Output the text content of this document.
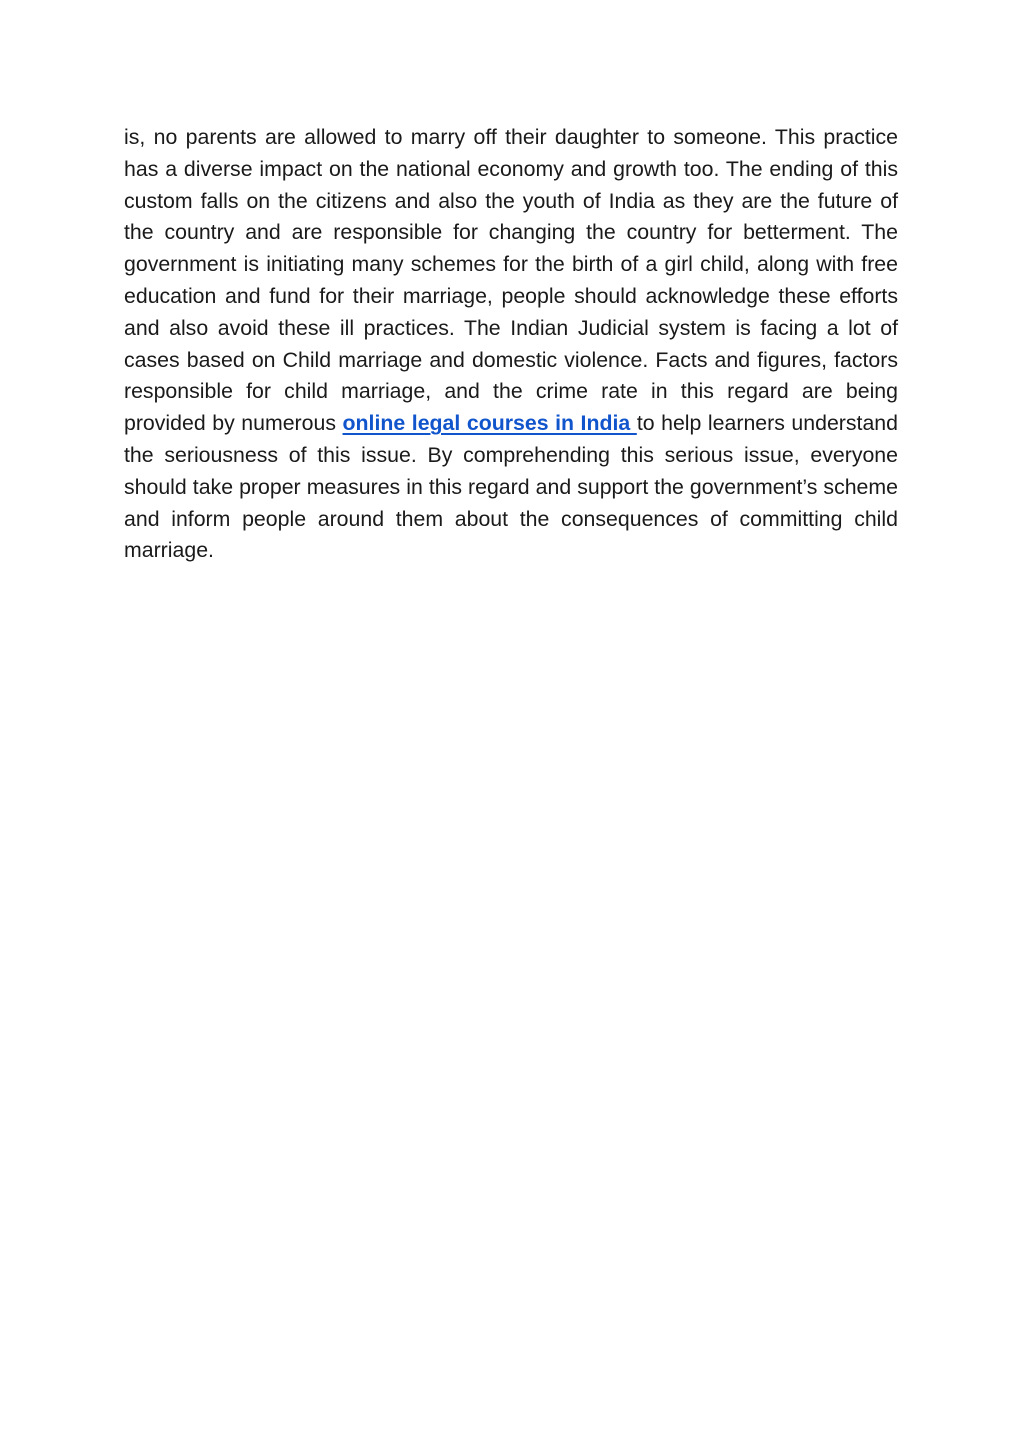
is, no parents are allowed to marry off their daughter to someone. This practice has a diverse impact on the national economy and growth too. The ending of this custom falls on the citizens and also the youth of India as they are the future of the country and are responsible for changing the country for betterment. The government is initiating many schemes for the birth of a girl child, along with free education and fund for their marriage, people should acknowledge these efforts and also avoid these ill practices. The Indian Judicial system is facing a lot of cases based on Child marriage and domestic violence. Facts and figures, factors responsible for child marriage, and the crime rate in this regard are being provided by numerous online legal courses in India to help learners understand the seriousness of this issue. By comprehending this serious issue, everyone should take proper measures in this regard and support the government’s scheme and inform people around them about the consequences of committing child marriage.
